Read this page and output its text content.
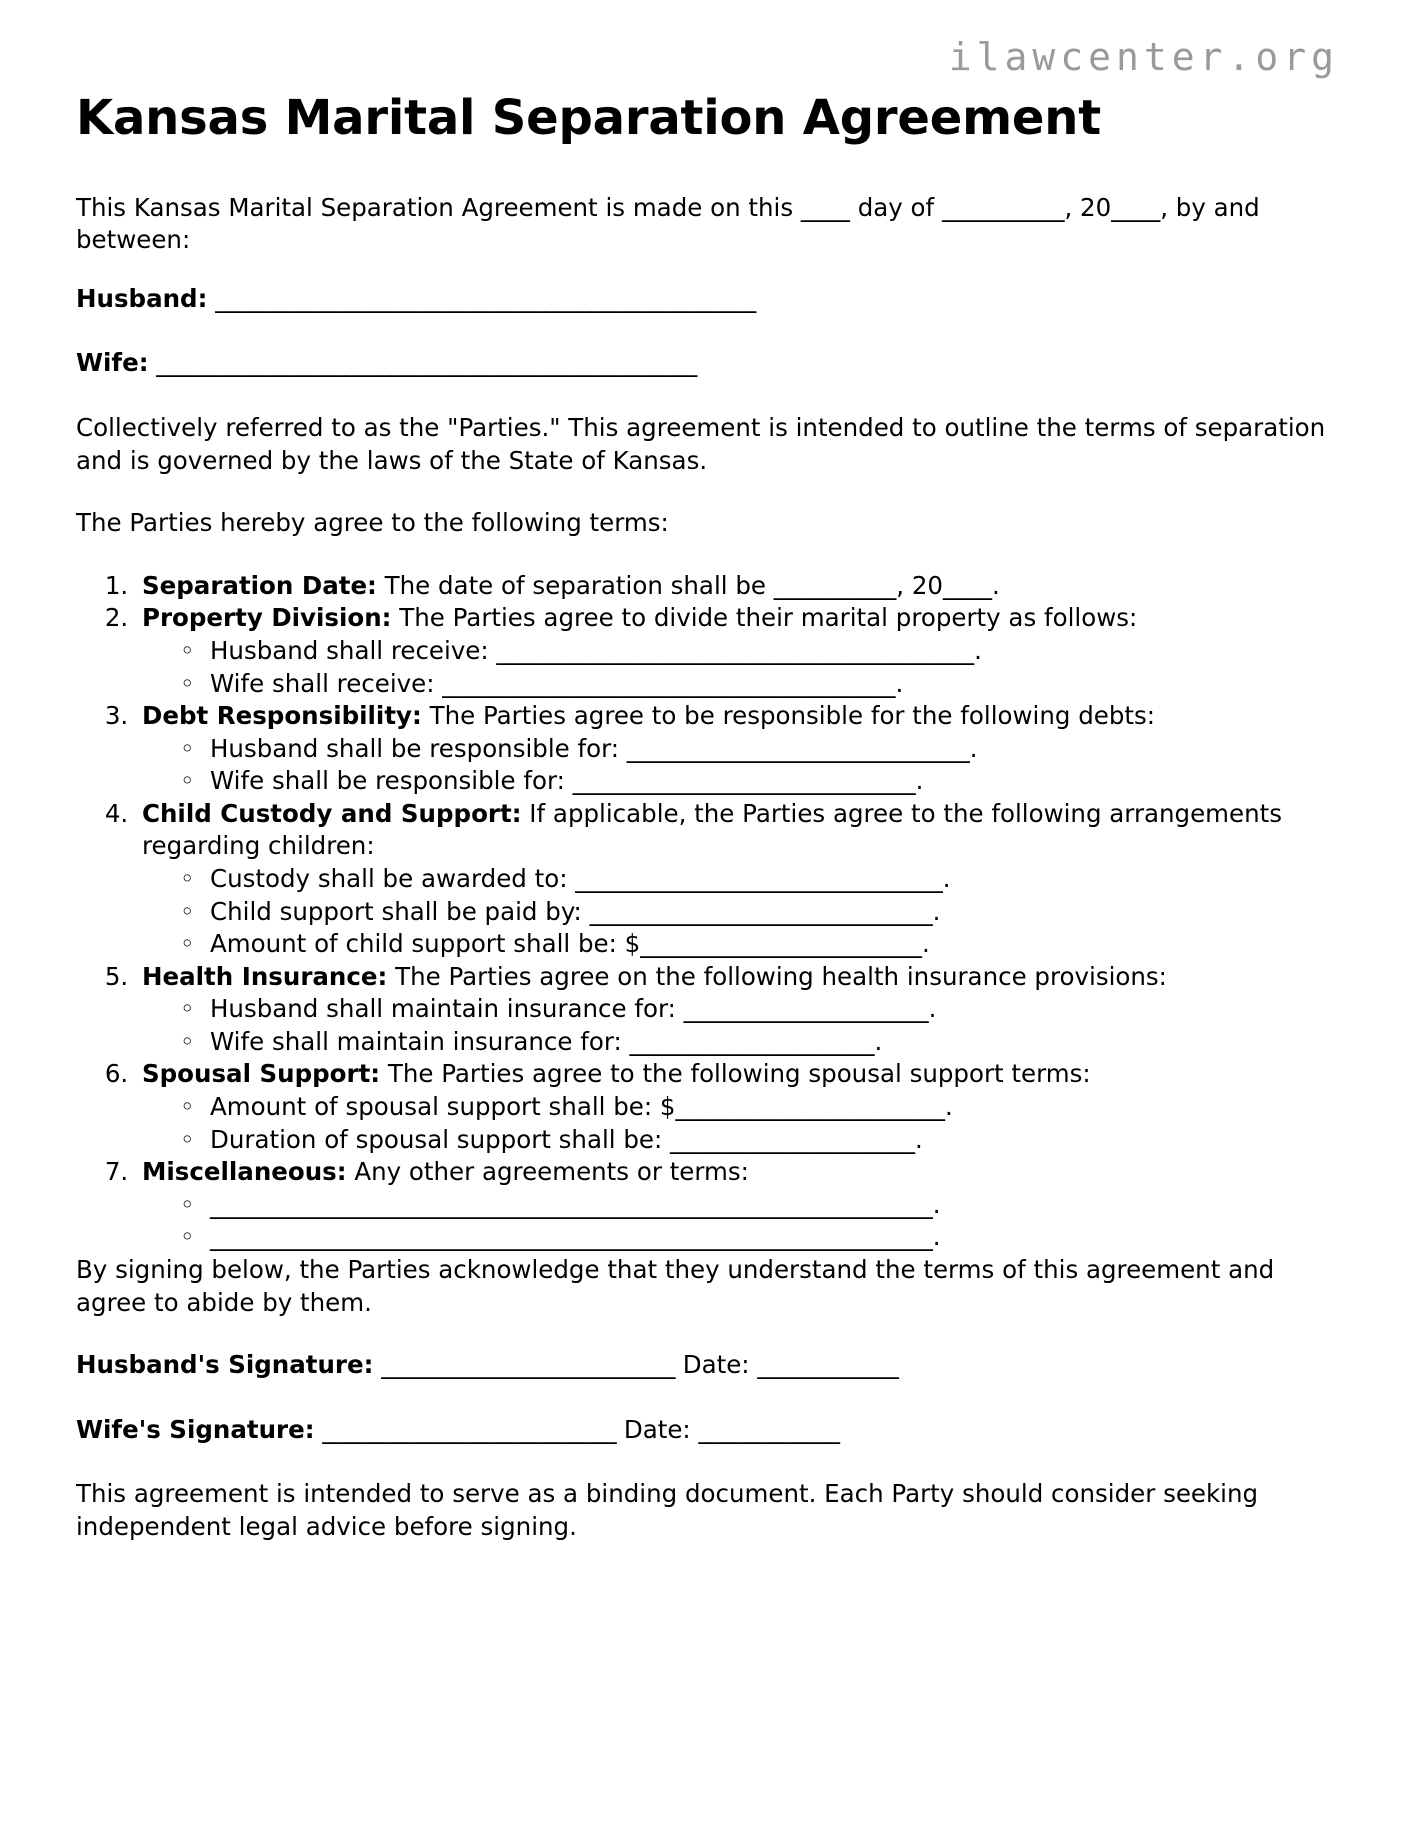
ilawcenter.org
Kansas Marital Separation Agreement

This Kansas Marital Separation Agreement is made on this ____ day of __________, 20____, by and between:

Husband: ______________________________________________
Wife: ______________________________________________

Collectively referred to as the "Parties." This agreement is intended to outline the terms of separation and is governed by the laws of the State of Kansas.

The Parties hereby agree to the following terms:

1. Separation Date: The date of separation shall be __________, 20____.
2. Property Division: The Parties agree to divide their marital property as follows:
◦ Husband shall receive: _______________________________________.
◦ Wife shall receive: _____________________________________.
3. Debt Responsibility: The Parties agree to be responsible for the following debts:
◦ Husband shall be responsible for: ____________________________.
◦ Wife shall be responsible for: ____________________________.
4. Child Custody and Support: If applicable, the Parties agree to the following arrangements regarding children:
◦ Custody shall be awarded to: ______________________________.
◦ Child support shall be paid by: ____________________________.
◦ Amount of child support shall be: $_______________________.
5. Health Insurance: The Parties agree on the following health insurance provisions:
◦ Husband shall maintain insurance for: ____________________.
◦ Wife shall maintain insurance for: ____________________.
6. Spousal Support: The Parties agree to the following spousal support terms:
◦ Amount of spousal support shall be: $______________________.
◦ Duration of spousal support shall be: ____________________.
7. Miscellaneous: Any other agreements or terms:
◦ ___________________________________________________________.
◦ ___________________________________________________________.

By signing below, the Parties acknowledge that they understand the terms of this agreement and agree to abide by them.

Husband's Signature: _________________________ Date: ____________
Wife's Signature: _________________________ Date: ____________

This agreement is intended to serve as a binding document. Each Party should consider seeking independent legal advice before signing.
